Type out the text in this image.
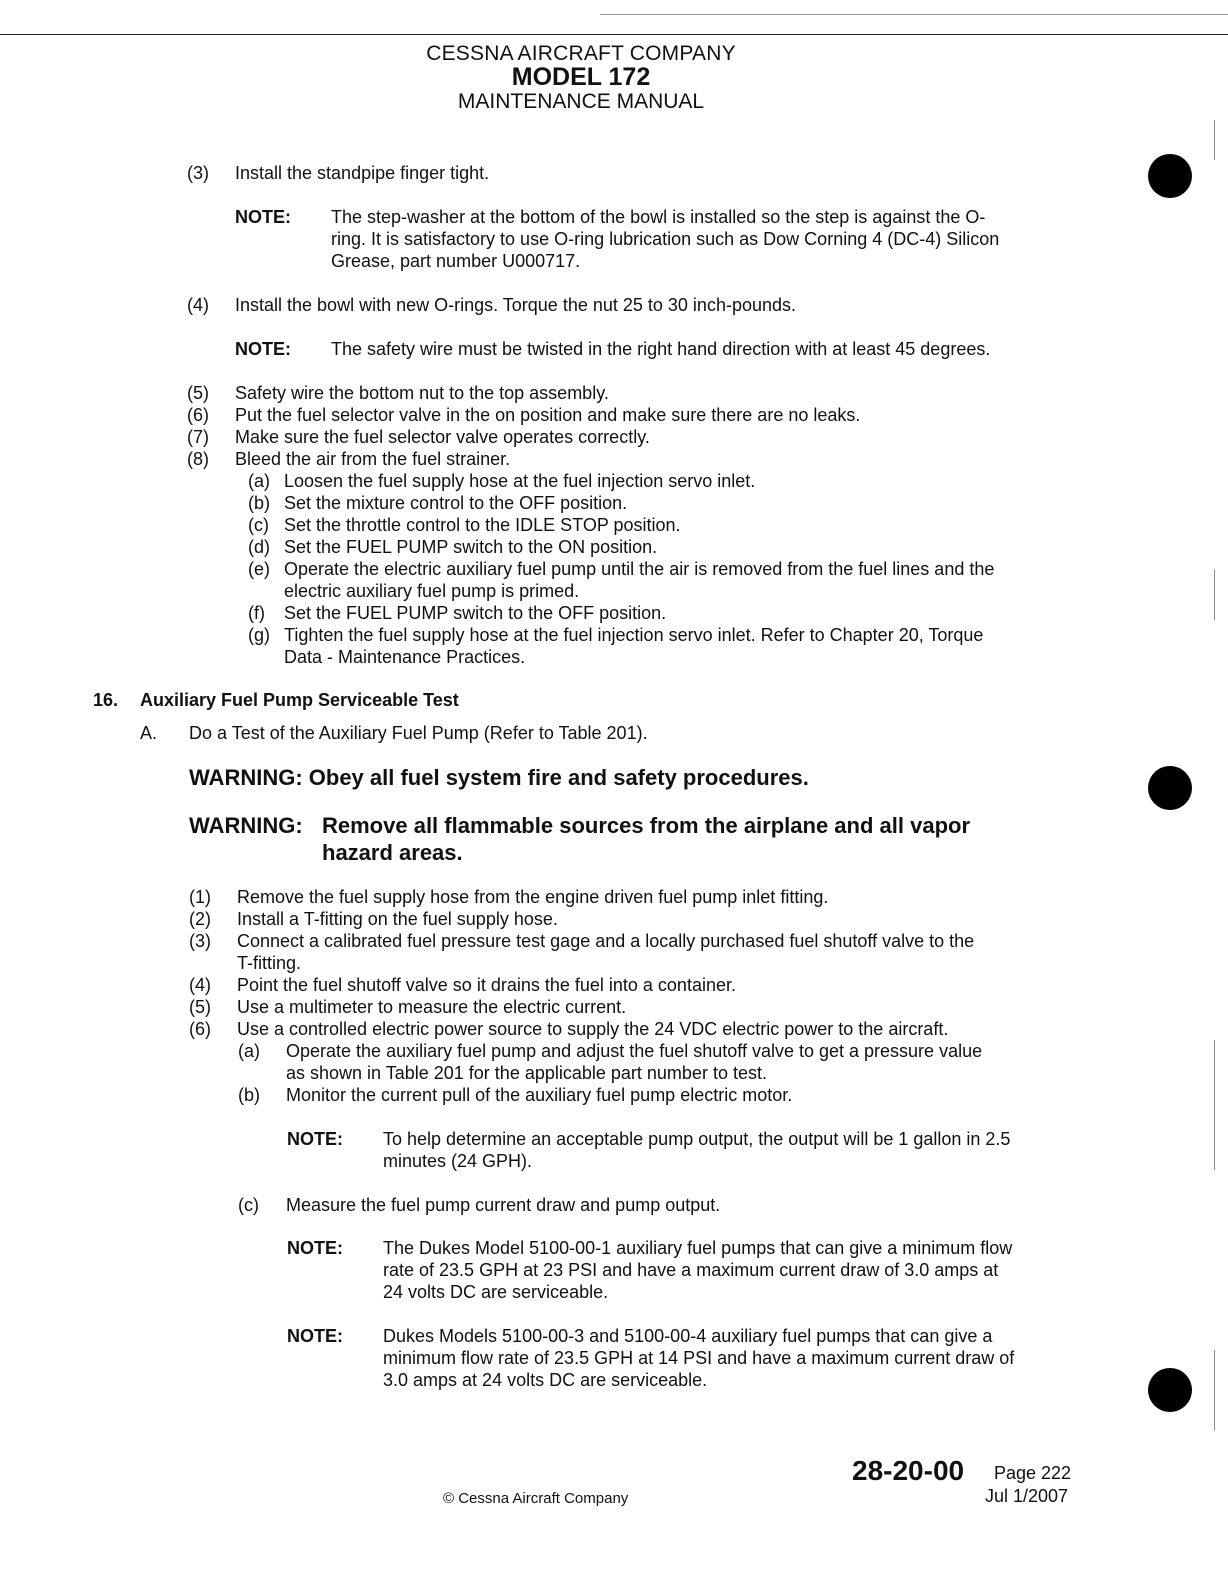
CESSNA AIRCRAFT COMPANY
MODEL 172
MAINTENANCE MANUAL
(3) Install the standpipe finger tight.
NOTE: The step-washer at the bottom of the bowl is installed so the step is against the O-
ring. It is satisfactory to use O-ring lubrication such as Dow Corning 4 (DC-4) Silicon
Grease, part number U000717.
(4) Install the bowl with new O-rings. Torque the nut 25 to 30 inch-pounds.
NOTE: The safety wire must be twisted in the right hand direction with at least 45 degrees.
(5) Safety wire the bottom nut to the top assembly.
(6) Put the fuel selector valve in the on position and make sure there are no leaks.
(7) Make sure the fuel selector valve operates correctly.
(8) Bleed the air from the fuel strainer.
(a) Loosen the fuel supply hose at the fuel injection servo inlet.
(b) Set the mixture control to the OFF position.
(c) Set the throttle control to the IDLE STOP position.
(d) Set the FUEL PUMP switch to the ON position.
(e) Operate the electric auxiliary fuel pump until the air is removed from the fuel lines and the
electric auxiliary fuel pump is primed.
(f) Set the FUEL PUMP switch to the OFF position.
(g) Tighten the fuel supply hose at the fuel injection servo inlet. Refer to Chapter 20, Torque
Data - Maintenance Practices.
16. Auxiliary Fuel Pump Serviceable Test
A. Do a Test of the Auxiliary Fuel Pump (Refer to Table 201).
WARNING: Obey all fuel system fire and safety procedures.
WARNING: Remove all flammable sources from the airplane and all vapor
hazard areas.
(1) Remove the fuel supply hose from the engine driven fuel pump inlet fitting.
(2) Install a T-fitting on the fuel supply hose.
(3) Connect a calibrated fuel pressure test gage and a locally purchased fuel shutoff valve to the
T-fitting.
(4) Point the fuel shutoff valve so it drains the fuel into a container.
(5) Use a multimeter to measure the electric current.
(6) Use a controlled electric power source to supply the 24 VDC electric power to the aircraft.
(a) Operate the auxiliary fuel pump and adjust the fuel shutoff valve to get a pressure value
as shown in Table 201 for the applicable part number to test.
(b) Monitor the current pull of the auxiliary fuel pump electric motor.
NOTE: To help determine an acceptable pump output, the output will be 1 gallon in 2.5
minutes (24 GPH).
(c) Measure the fuel pump current draw and pump output.
NOTE: The Dukes Model 5100-00-1 auxiliary fuel pumps that can give a minimum flow
rate of 23.5 GPH at 23 PSI and have a maximum current draw of 3.0 amps at
24 volts DC are serviceable.
NOTE: Dukes Models 5100-00-3 and 5100-00-4 auxiliary fuel pumps that can give a
minimum flow rate of 23.5 GPH at 14 PSI and have a maximum current draw of
3.0 amps at 24 volts DC are serviceable.
28-20-00 Page 222
Jul 1/2007
© Cessna Aircraft Company
